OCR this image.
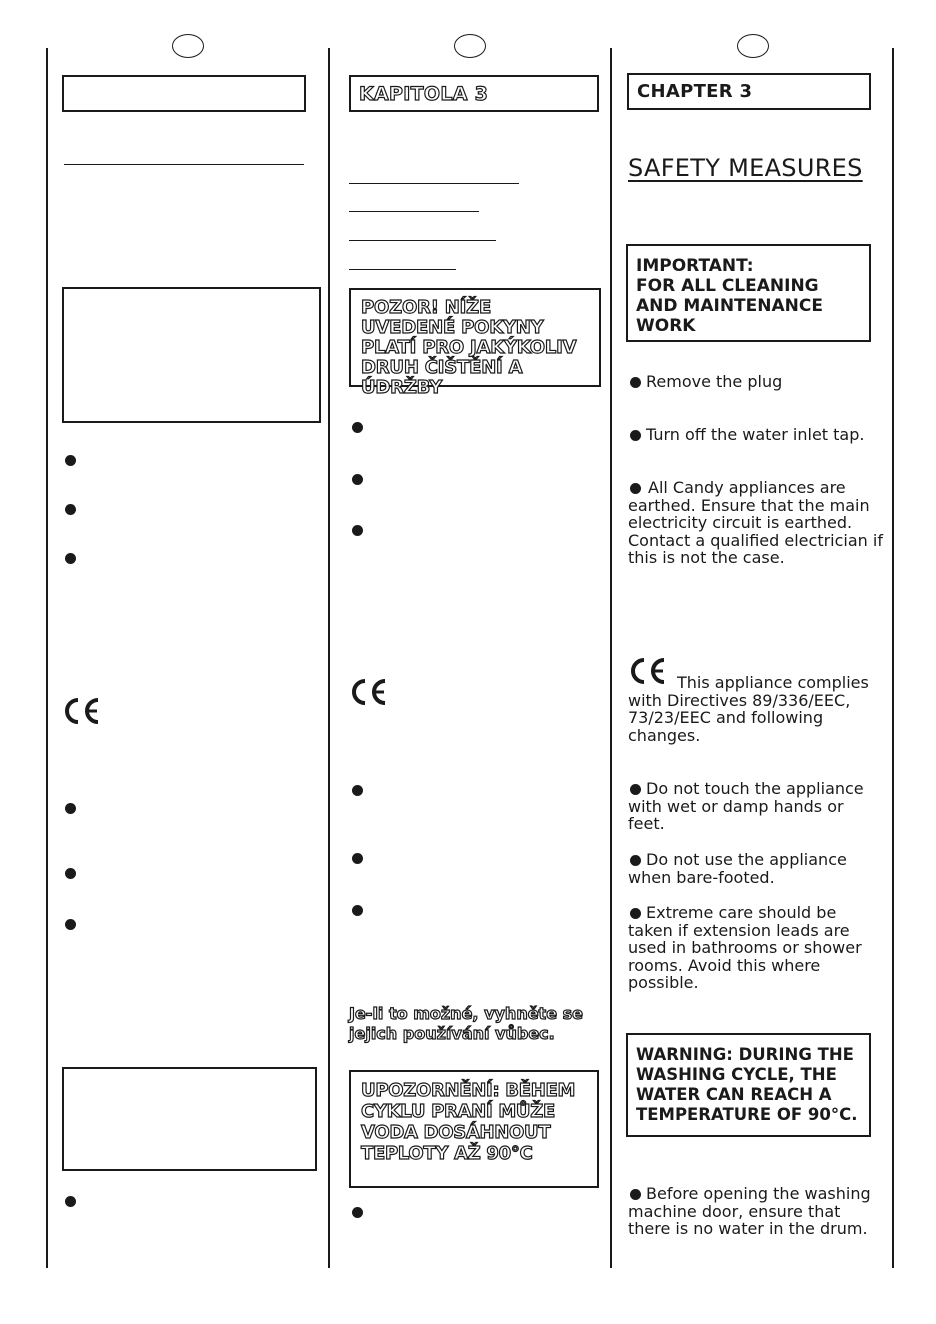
KAPITOLA 3
POZOR! NÍŽE UVEDENÉ POKYNY PLATÍ PRO JAKÝKOLIV DRUH ČIŠTĚNÍ A ÚDRŽBY
Je-li to možné, vyhněte se jejich používání vůbec.
UPOZORNĚNÍ: BĚHEM CYKLU PRANÍ MŮŽE VODA DOSÁHNOUT TEPLOTY AŽ 90°C
CHAPTER 3
SAFETY MEASURES
IMPORTANT:
FOR ALL CLEANING
AND MAINTENANCE
WORK
Remove the plug
Turn off the water inlet tap.
All Candy appliances are earthed. Ensure that the main electricity circuit is earthed. Contact a qualified electrician if this is not the case.
This appliance complies with Directives 89/336/EEC, 73/23/EEC and following changes.
Do not touch the appliance with wet or damp hands or feet.
Do not use the appliance when bare-footed.
Extreme care should be taken if extension leads are used in bathrooms or shower rooms. Avoid this where possible.
WARNING: DURING THE
WASHING CYCLE, THE
WATER CAN REACH A
TEMPERATURE OF 90°C.
Before opening the washing machine door, ensure that there is no water in the drum.
